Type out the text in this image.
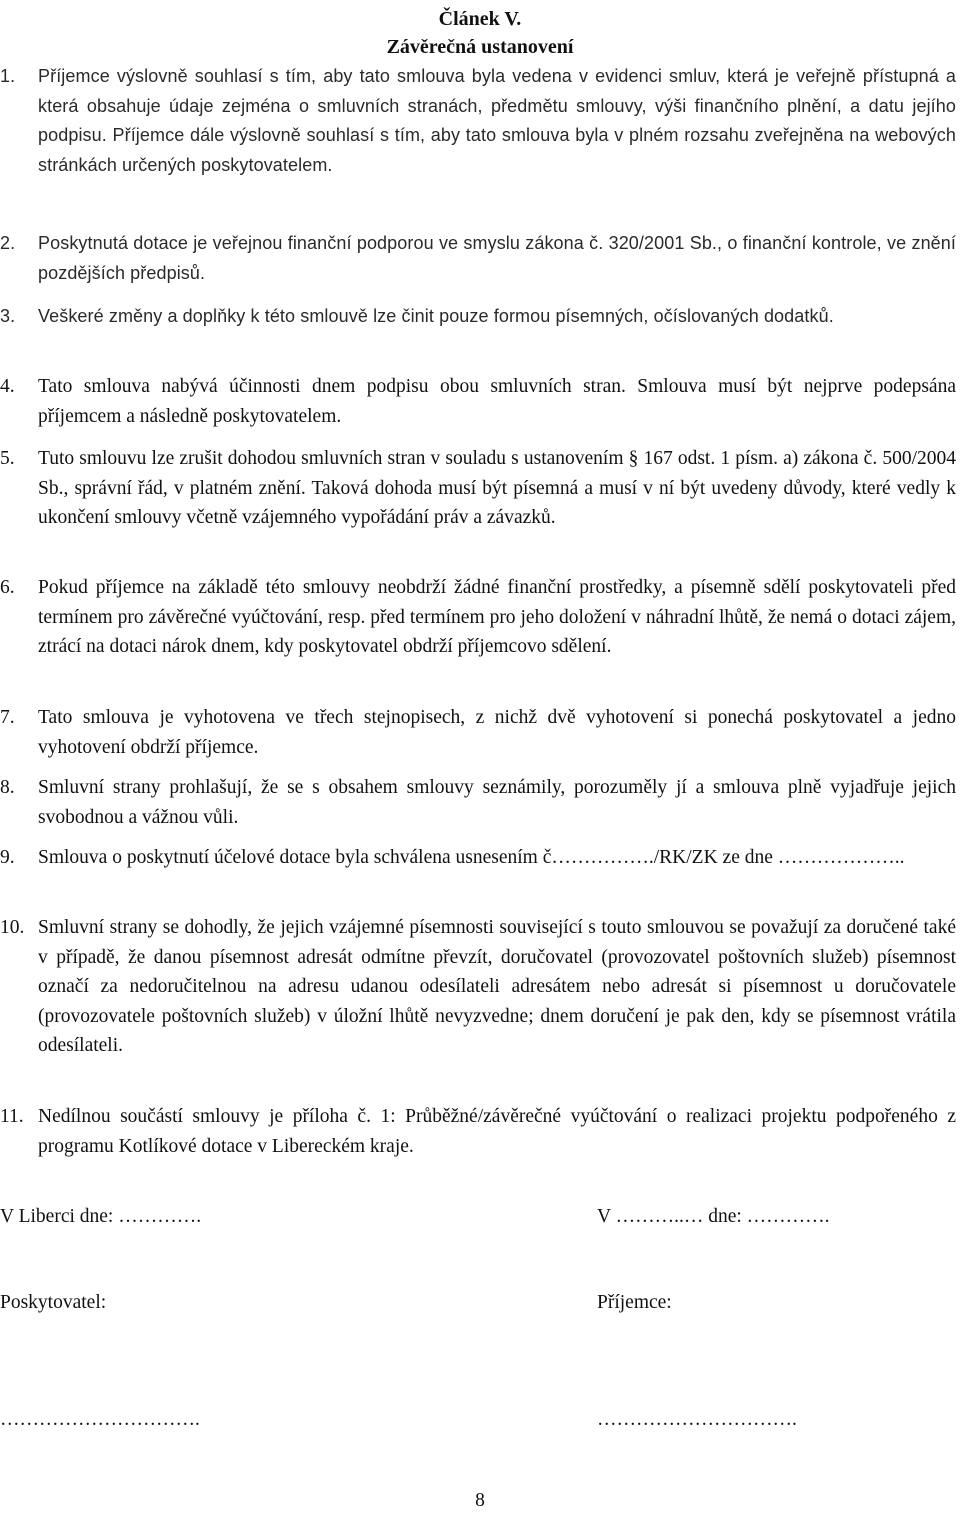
Článek V.
Závěrečná ustanovení
1.	Příjemce výslovně souhlasí s tím, aby tato smlouva byla vedena v evidenci smluv, která je veřejně přístupná a která obsahuje údaje zejména o smluvních stranách, předmětu smlouvy, výši finančního plnění, a datu jejího podpisu. Příjemce dále výslovně souhlasí s tím, aby tato smlouva byla v plném rozsahu zveřejněna na webových stránkách určených poskytovatelem.
2.	Poskytnutá dotace je veřejnou finanční podporou ve smyslu zákona č. 320/2001 Sb., o finanční kontrole, ve znění pozdějších předpisů.
3.	Veškeré změny a doplňky k této smlouvě lze činit pouze formou písemných, očíslovaných dodatků.
4.	Tato smlouva nabývá účinnosti dnem podpisu obou smluvních stran. Smlouva musí být nejprve podepsána příjemcem a následně poskytovatelem.
5.	Tuto smlouvu lze zrušit dohodou smluvních stran v souladu s ustanovením § 167 odst. 1 písm. a) zákona č. 500/2004 Sb., správní řád, v platném znění. Taková dohoda musí být písemná a musí v ní být uvedeny důvody, které vedly k ukončení smlouvy včetně vzájemného vypořádání práv a závazků.
6.	Pokud příjemce na základě této smlouvy neobdrží žádné finanční prostředky, a písemně sdělí poskytovateli před termínem pro závěrečné vyúčtování, resp. před termínem pro jeho doložení v náhradní lhůtě, že nemá o dotaci zájem, ztrácí na dotaci nárok dnem, kdy poskytovatel obdrží příjemcovo sdělení.
7.	Tato smlouva je vyhotovena ve třech stejnopisech, z nichž dvě vyhotovení si ponechá poskytovatel a jedno vyhotovení obdrží příjemce.
8.	Smluvní strany prohlašují, že se s obsahem smlouvy seznámily, porozuměly jí a smlouva plně vyjadřuje jejich svobodnou a vážnou vůli.
9.	Smlouva o poskytnutí účelové dotace byla schválena usnesením č……………./RK/ZK ze dne ………………..
10. Smluvní strany se dohodly, že jejich vzájemné písemnosti související s touto smlouvou se považují za doručené také v případě, že danou písemnost adresát odmítne převzít, doručovatel (provozovatel poštovních služeb) písemnost označí za nedoručitelnou na adresu udanou odesílateli adresátem nebo adresát si písemnost u doručovatele (provozovatele poštovních služeb) v úložní lhůtě nevyzvedne; dnem doručení je pak den, kdy se písemnost vrátila odesílateli.
11. Nedílnou součástí smlouvy je příloha č. 1: Průběžné/závěrečné vyúčtování o realizaci projektu podpořeného z programu Kotlíkové dotace v Libereckém kraje.
V Liberci dne: ………….	V ………..… dne: ………….
Poskytovatel:	Příjemce:
………………………….	………………………….
8
